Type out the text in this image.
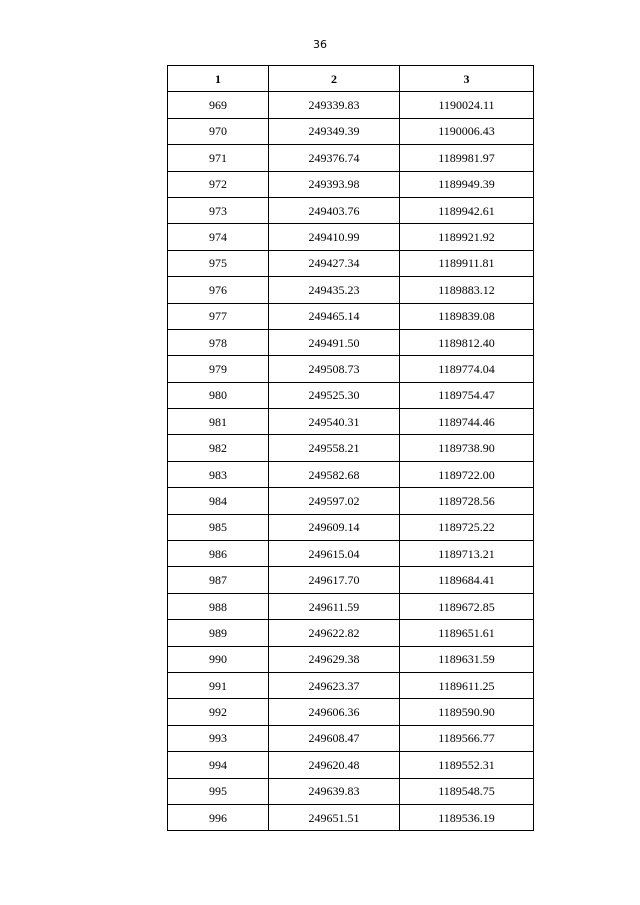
36
1	2	3
969	249339.83	1190024.11
970	249349.39	1190006.43
971	249376.74	1189981.97
972	249393.98	1189949.39
973	249403.76	1189942.61
974	249410.99	1189921.92
975	249427.34	1189911.81
976	249435.23	1189883.12
977	249465.14	1189839.08
978	249491.50	1189812.40
979	249508.73	1189774.04
980	249525.30	1189754.47
981	249540.31	1189744.46
982	249558.21	1189738.90
983	249582.68	1189722.00
984	249597.02	1189728.56
985	249609.14	1189725.22
986	249615.04	1189713.21
987	249617.70	1189684.41
988	249611.59	1189672.85
989	249622.82	1189651.61
990	249629.38	1189631.59
991	249623.37	1189611.25
992	249606.36	1189590.90
993	249608.47	1189566.77
994	249620.48	1189552.31
995	249639.83	1189548.75
996	249651.51	1189536.19
